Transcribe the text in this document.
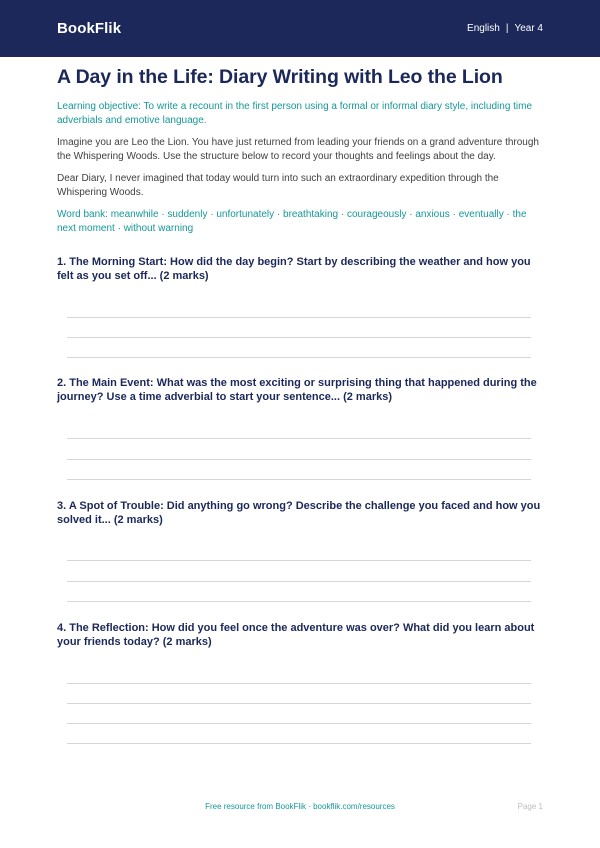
BookFlik	English | Year 4
A Day in the Life: Diary Writing with Leo the Lion

Learning objective: To write a recount in the first person using a formal or informal diary style, including time adverbials and emotive language.

Imagine you are Leo the Lion. You have just returned from leading your friends on a grand adventure through the Whispering Woods. Use the structure below to record your thoughts and feelings about the day.

Dear Diary, I never imagined that today would turn into such an extraordinary expedition through the Whispering Woods.

Word bank: meanwhile · suddenly · unfortunately · breathtaking · courageously · anxious · eventually · the next moment · without warning

1. The Morning Start: How did the day begin? Start by describing the weather and how you felt as you set off... (2 marks)

2. The Main Event: What was the most exciting or surprising thing that happened during the journey? Use a time adverbial to start your sentence... (2 marks)

3. A Spot of Trouble: Did anything go wrong? Describe the challenge you faced and how you solved it... (2 marks)

4. The Reflection: How did you feel once the adventure was over? What did you learn about your friends today? (2 marks)

Free resource from BookFlik · bookflik.com/resources	Page 1
